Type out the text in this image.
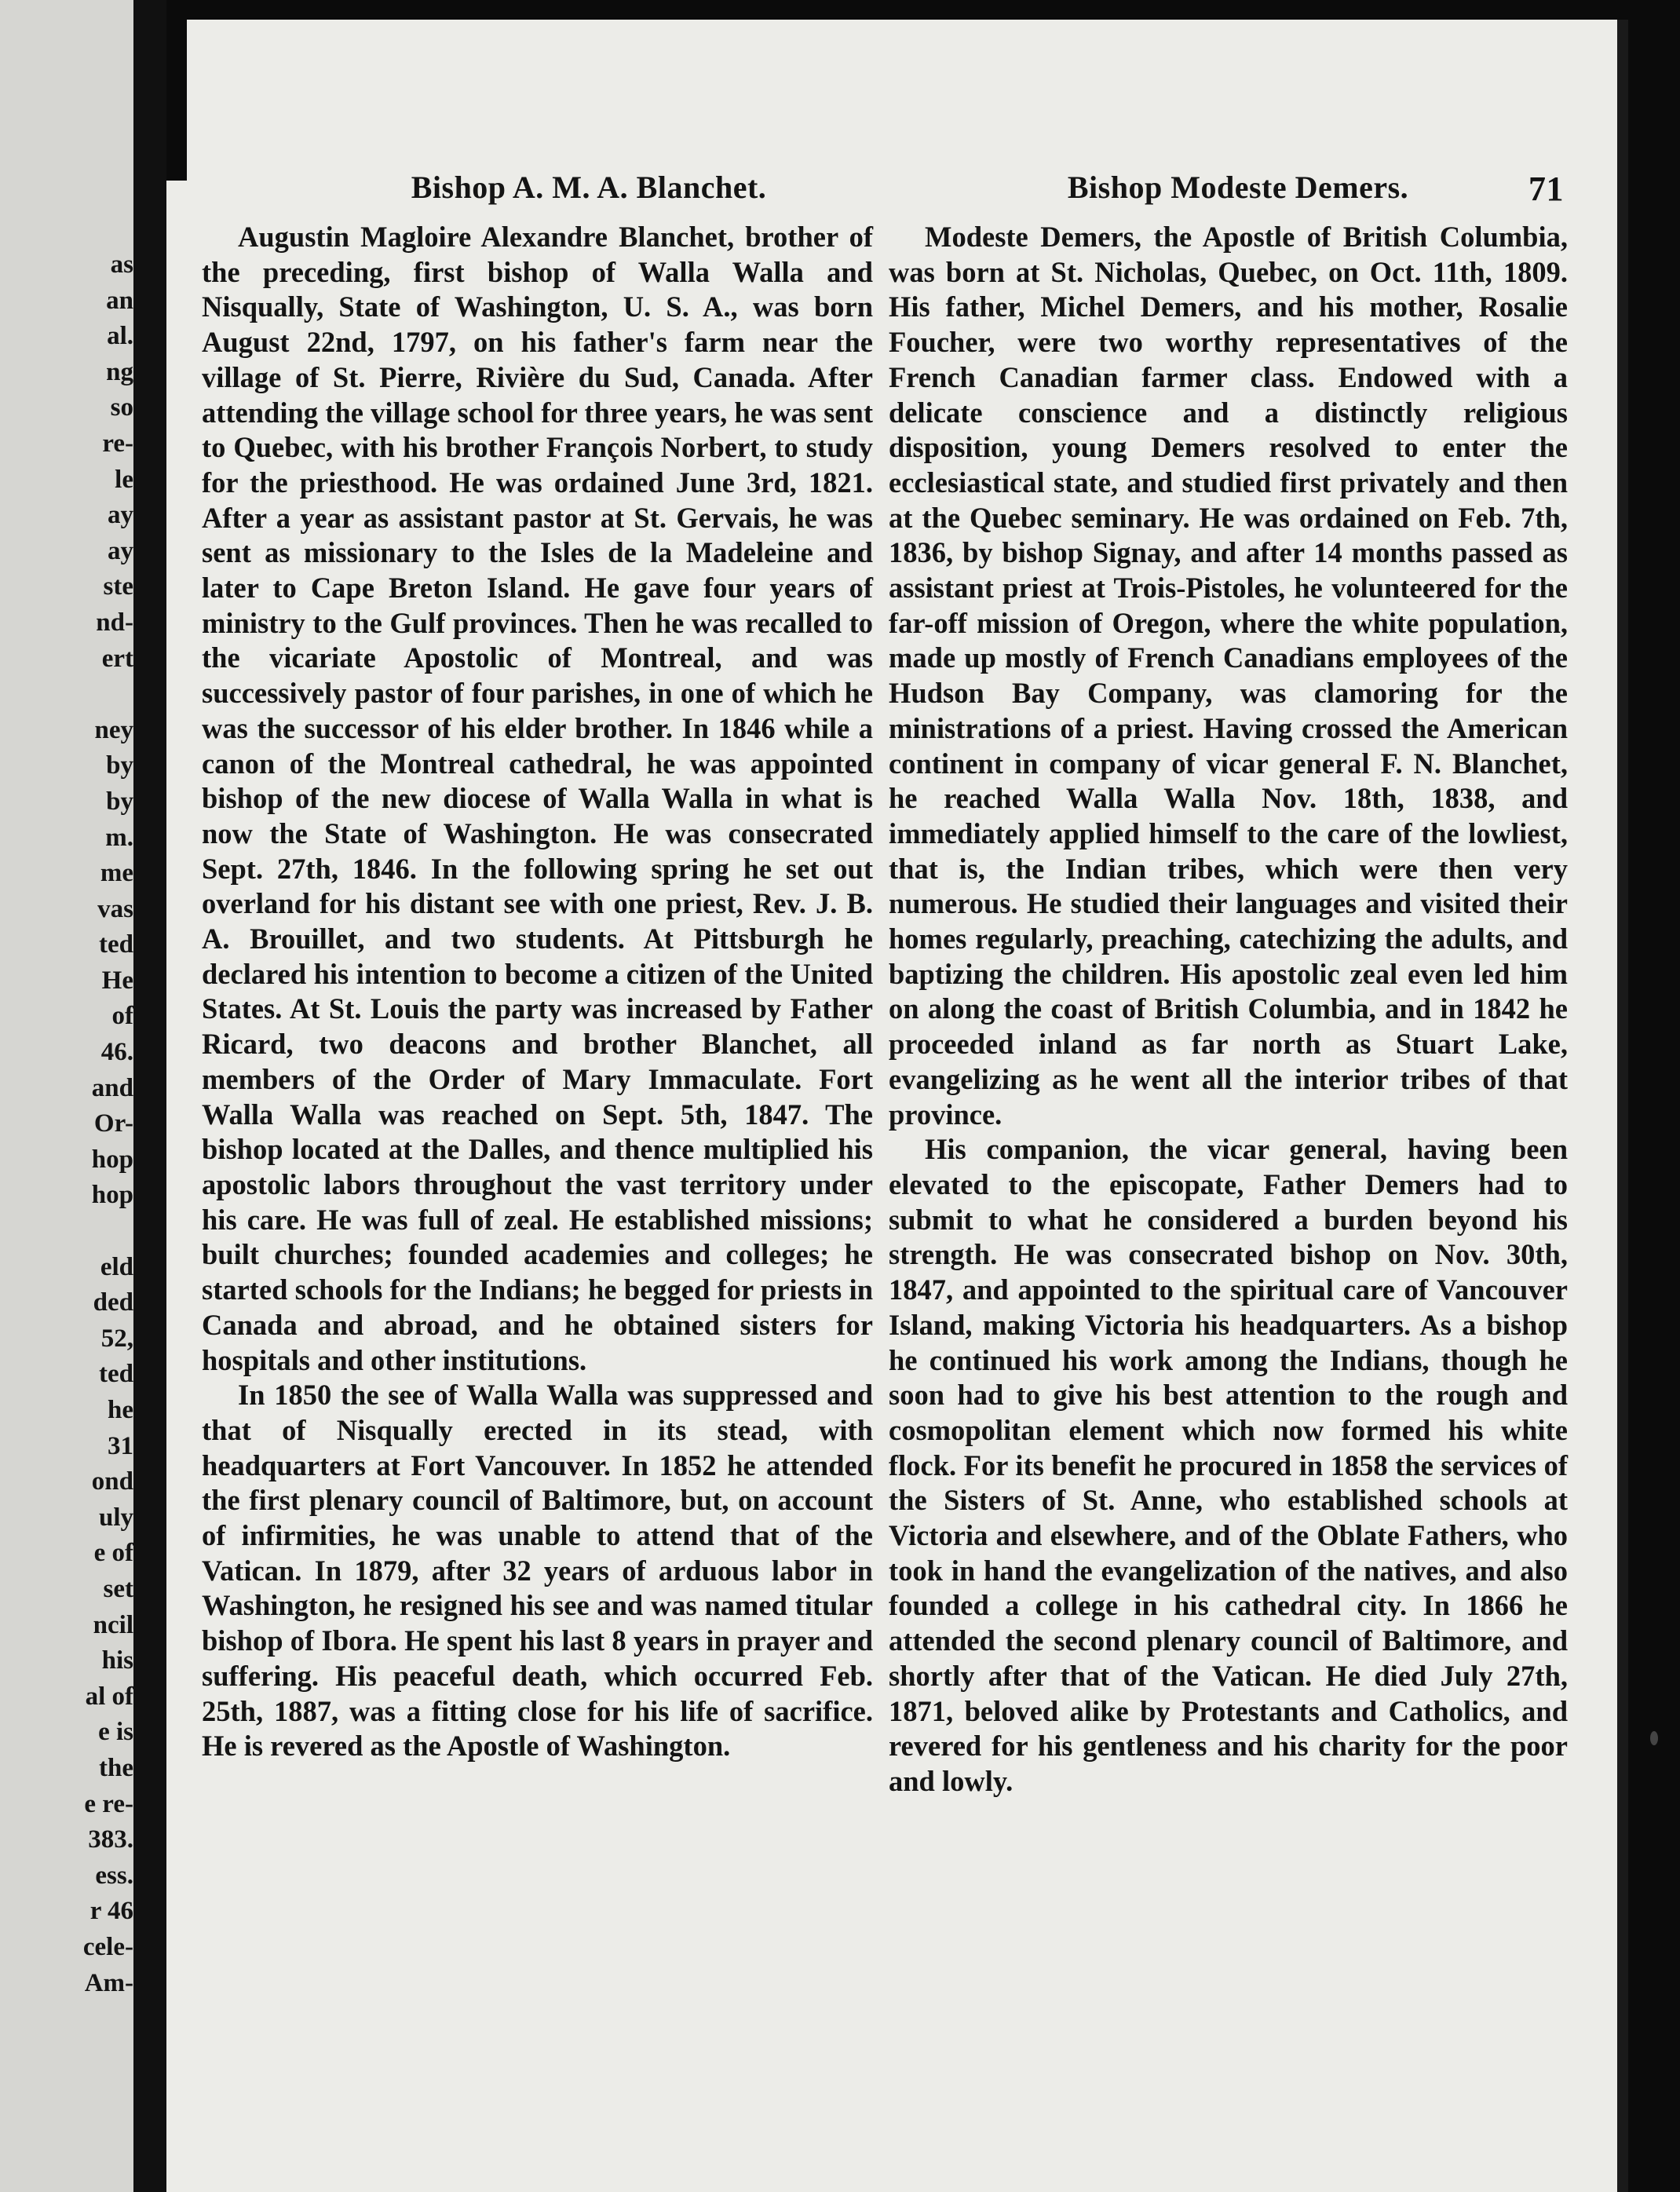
as
an
al.
ng
so
re-
le
ay
ay
ste
nd-
ert
ney
by
by
m.
me
vas
ted
He
of
46.
and
Or-
hop
hop
eld
ded
52,
ted
he
31
ond
uly
e of
set
ncil
his
al of
e is
the
e re-
383.
ess.
r 46
cele-
Am-
Bishop A. M. A. Blanchet.	Bishop Modeste Demers.	71

Augustin Magloire Alexandre Blanchet, brother of the preceding, first bishop of Walla Walla and Nisqually, State of Washington, U. S. A., was born August 22nd, 1797, on his father's farm near the village of St. Pierre, Rivière du Sud, Canada. After attending the village school for three years, he was sent to Quebec, with his brother François Norbert, to study for the priesthood. He was ordained June 3rd, 1821. After a year as assistant pastor at St. Gervais, he was sent as missionary to the Isles de la Madeleine and later to Cape Breton Island. He gave four years of ministry to the Gulf provinces. Then he was recalled to the vicariate Apostolic of Montreal, and was successively pastor of four parishes, in one of which he was the successor of his elder brother. In 1846 while a canon of the Montreal cathedral, he was appointed bishop of the new diocese of Walla Walla in what is now the State of Washington. He was consecrated Sept. 27th, 1846. In the following spring he set out overland for his distant see with one priest, Rev. J. B. A. Brouillet, and two students. At Pittsburgh he declared his intention to become a citizen of the United States. At St. Louis the party was increased by Father Ricard, two deacons and brother Blanchet, all members of the Order of Mary Immaculate. Fort Walla Walla was reached on Sept. 5th, 1847. The bishop located at the Dalles, and thence multiplied his apostolic labors throughout the vast territory under his care. He was full of zeal. He established missions; built churches; founded academies and colleges; he started schools for the Indians; he begged for priests in Canada and abroad, and he obtained sisters for hospitals and other institutions.

In 1850 the see of Walla Walla was suppressed and that of Nisqually erected in its stead, with headquarters at Fort Vancouver. In 1852 he attended the first plenary council of Baltimore, but, on account of infirmities, he was unable to attend that of the Vatican. In 1879, after 32 years of arduous labor in Washington, he resigned his see and was named titular bishop of Ibora. He spent his last 8 years in prayer and suffering. His peaceful death, which occurred Feb. 25th, 1887, was a fitting close for his life of sacrifice. He is revered as the Apostle of Washington.

Modeste Demers, the Apostle of British Columbia, was born at St. Nicholas, Quebec, on Oct. 11th, 1809. His father, Michel Demers, and his mother, Rosalie Foucher, were two worthy representatives of the French Canadian farmer class. Endowed with a delicate conscience and a distinctly religious disposition, young Demers resolved to enter the ecclesiastical state, and studied first privately and then at the Quebec seminary. He was ordained on Feb. 7th, 1836, by bishop Signay, and after 14 months passed as assistant priest at Trois-Pistoles, he volunteered for the far-off mission of Oregon, where the white population, made up mostly of French Canadians employees of the Hudson Bay Company, was clamoring for the ministrations of a priest. Having crossed the American continent in company of vicar general F. N. Blanchet, he reached Walla Walla Nov. 18th, 1838, and immediately applied himself to the care of the lowliest, that is, the Indian tribes, which were then very numerous. He studied their languages and visited their homes regularly, preaching, catechizing the adults, and baptizing the children. His apostolic zeal even led him on along the coast of British Columbia, and in 1842 he proceeded inland as far north as Stuart Lake, evangelizing as he went all the interior tribes of that province.

His companion, the vicar general, having been elevated to the episcopate, Father Demers had to submit to what he considered a burden beyond his strength. He was consecrated bishop on Nov. 30th, 1847, and appointed to the spiritual care of Vancouver Island, making Victoria his headquarters. As a bishop he continued his work among the Indians, though he soon had to give his best attention to the rough and cosmopolitan element which now formed his white flock. For its benefit he procured in 1858 the services of the Sisters of St. Anne, who established schools at Victoria and elsewhere, and of the Oblate Fathers, who took in hand the evangelization of the natives, and also founded a college in his cathedral city. In 1866 he attended the second plenary council of Baltimore, and shortly after that of the Vatican. He died July 27th, 1871, beloved alike by Protestants and Catholics, and revered for his gentleness and his charity for the poor and lowly.
